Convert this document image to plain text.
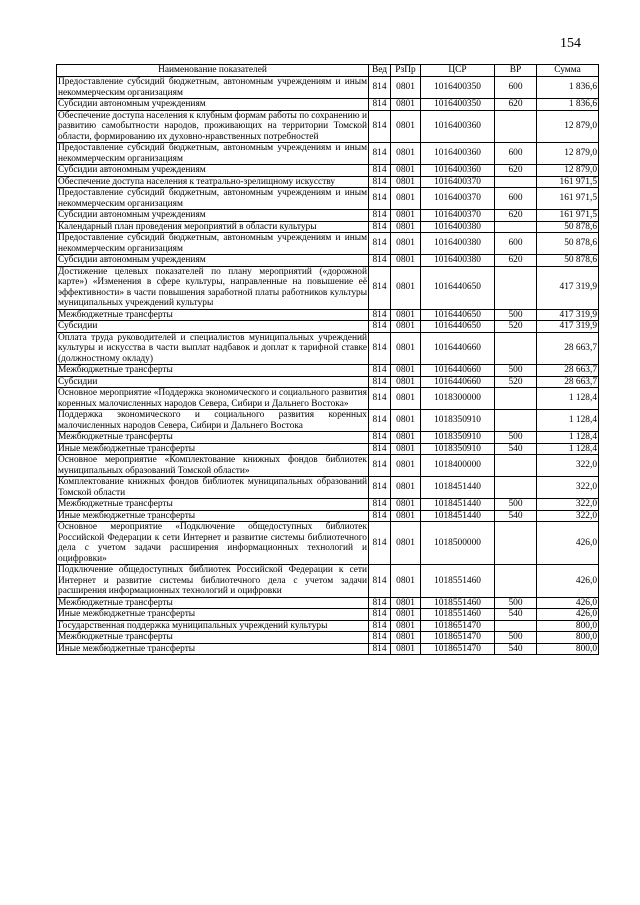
154
Наименование показателей	Вед	РзПр	ЦСР	ВР	Сумма
Предоставление субсидий бюджетным, автономным учреждениям и иным некоммерческим организациям	814	0801	1016400350	600	1 836,6
Субсидии автономным учреждениям	814	0801	1016400350	620	1 836,6
Обеспечение доступа населения к клубным формам работы по сохранению и развитию самобытности народов, проживающих на территории Томской области, формированию их духовно-нравственных потребностей	814	0801	1016400360		12 879,0
Предоставление субсидий бюджетным, автономным учреждениям и иным некоммерческим организациям	814	0801	1016400360	600	12 879,0
Субсидии автономным учреждениям	814	0801	1016400360	620	12 879,0
Обеспечение доступа населения к театрально-зрелищному искусству	814	0801	1016400370		161 971,5
Предоставление субсидий бюджетным, автономным учреждениям и иным некоммерческим организациям	814	0801	1016400370	600	161 971,5
Субсидии автономным учреждениям	814	0801	1016400370	620	161 971,5
Календарный план проведения мероприятий в области культуры	814	0801	1016400380		50 878,6
Предоставление субсидий бюджетным, автономным учреждениям и иным некоммерческим организациям	814	0801	1016400380	600	50 878,6
Субсидии автономным учреждениям	814	0801	1016400380	620	50 878,6
Достижение целевых показателей по плану мероприятий («дорожной карте») «Изменения в сфере культуры, направленные на повышение её эффективности» в части повышения заработной платы работников культуры муниципальных учреждений культуры	814	0801	1016440650		417 319,9
Межбюджетные трансферты	814	0801	1016440650	500	417 319,9
Субсидии	814	0801	1016440650	520	417 319,9
Оплата труда руководителей и специалистов муниципальных учреждений культуры и искусства в части выплат надбавок и доплат к тарифной ставке (должностному окладу)	814	0801	1016440660		28 663,7
Межбюджетные трансферты	814	0801	1016440660	500	28 663,7
Субсидии	814	0801	1016440660	520	28 663,7
Основное мероприятие «Поддержка экономического и социального развития коренных малочисленных народов Севера, Сибири и Дальнего Востока»	814	0801	1018300000		1 128,4
Поддержка экономического и социального развития коренных малочисленных народов Севера, Сибири и Дальнего Востока	814	0801	1018350910		1 128,4
Межбюджетные трансферты	814	0801	1018350910	500	1 128,4
Иные межбюджетные трансферты	814	0801	1018350910	540	1 128,4
Основное мероприятие «Комплектование книжных фондов библиотек муниципальных образований Томской области»	814	0801	1018400000		322,0
Комплектование книжных фондов библиотек муниципальных образований Томской области	814	0801	1018451440		322,0
Межбюджетные трансферты	814	0801	1018451440	500	322,0
Иные межбюджетные трансферты	814	0801	1018451440	540	322,0
Основное мероприятие «Подключение общедоступных библиотек Российской Федерации к сети Интернет и развитие системы библиотечного дела с учетом задачи расширения информационных технологий и оцифровки»	814	0801	1018500000		426,0
Подключение общедоступных библиотек Российской Федерации к сети Интернет и развитие системы библиотечного дела с учетом задачи расширения информационных технологий и оцифровки	814	0801	1018551460		426,0
Межбюджетные трансферты	814	0801	1018551460	500	426,0
Иные межбюджетные трансферты	814	0801	1018551460	540	426,0
Государственная поддержка муниципальных учреждений культуры	814	0801	1018651470		800,0
Межбюджетные трансферты	814	0801	1018651470	500	800,0
Иные межбюджетные трансферты	814	0801	1018651470	540	800,0
